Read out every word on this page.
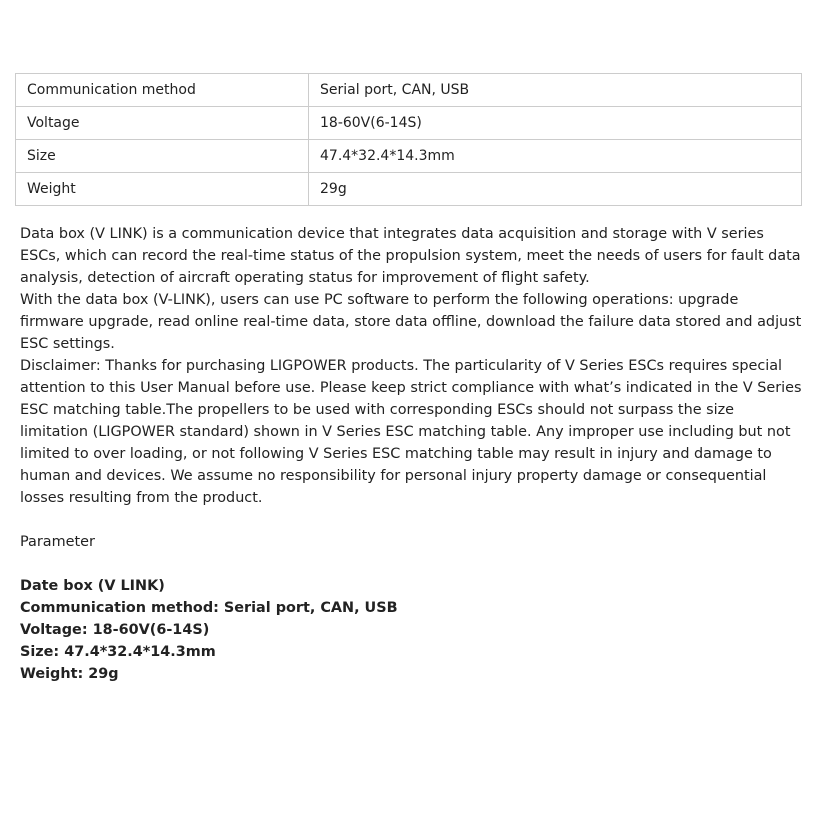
Communication method	Serial port, CAN, USB
Voltage	18-60V(6-14S)
Size	47.4*32.4*14.3mm
Weight	29g

Data box (V LINK) is a communication device that integrates data acquisition and storage with V series ESCs, which can record the real-time status of the propulsion system, meet the needs of users for fault data analysis, detection of aircraft operating status for improvement of flight safety.

With the data box (V-LINK), users can use PC software to perform the following operations: upgrade firmware upgrade, read online real-time data, store data offline, download the failure data stored and adjust ESC settings.

Disclaimer: Thanks for purchasing LIGPOWER products. The particularity of V Series ESCs requires special attention to this User Manual before use. Please keep strict compliance with what’s indicated in the V Series ESC matching table.The propellers to be used with corresponding ESCs should not surpass the size limitation (LIGPOWER standard) shown in V Series ESC matching table. Any improper use including but not limited to over loading, or not following V Series ESC matching table may result in injury and damage to human and devices. We assume no responsibility for personal injury property damage or consequential losses resulting from the product.

Parameter

Date box (V LINK)

Communication method: Serial port, CAN, USB

Voltage: 18-60V(6-14S)

Size: 47.4*32.4*14.3mm

Weight: 29g
